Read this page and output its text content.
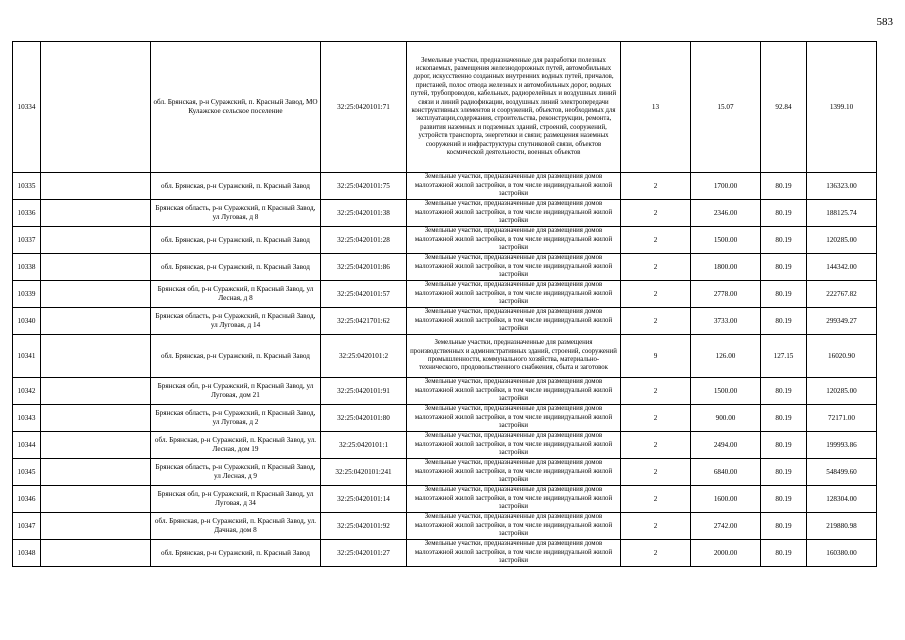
583
10334		обл. Брянская, р-н Суражский, п. Красный Завод, МО Кулажское сельское поселение	32:25:0420101:71	Земельные участки, предназначенные для разработки полезных ископаемых, размещения железнодорожных путей, автомобильных дорог, искусственно созданных внутренних водных путей, причалов, пристаней, полос отвода железных и автомобильных дорог, водных путей, трубопроводов, кабельных, радиорелейных и воздушных линий связи и линий радиофикации, воздушных линий электропередачи конструктивных элементов и сооружений, объектов, необходимых для эксплуатации,содержания, строительства, реконструкции, ремонта, развития наземных и подземных зданий, строений, сооружений, устройств транспорта, энергетики и связи; размещения наземных сооружений и инфраструктуры спутниковой связи, объектов космической деятельности, военных объектов	13	15.07	92.84	1399.10
10335		обл. Брянская, р-н Суражский, п. Красный Завод	32:25:0420101:75	Земельные участки, предназначенные для размещения домов малоэтажной жилой застройки, в том числе индивидуальной жилой застройки	2	1700.00	80.19	136323.00
10336		Брянская область, р-н Суражский, п Красный Завод, ул Луговая, д 8	32:25:0420101:38	Земельные участки, предназначенные для размещения домов малоэтажной жилой застройки, в том числе индивидуальной жилой застройки	2	2346.00	80.19	188125.74
10337		обл. Брянская, р-н Суражский, п. Красный Завод	32:25:0420101:28	Земельные участки, предназначенные для размещения домов малоэтажной жилой застройки, в том числе индивидуальной жилой застройки	2	1500.00	80.19	120285.00
10338		обл. Брянская, р-н Суражский, п. Красный Завод	32:25:0420101:86	Земельные участки, предназначенные для размещения домов малоэтажной жилой застройки, в том числе индивидуальной жилой застройки	2	1800.00	80.19	144342.00
10339		Брянская обл, р-н Суражский, п Красный Завод, ул Лесная, д 8	32:25:0420101:57	Земельные участки, предназначенные для размещения домов малоэтажной жилой застройки, в том числе индивидуальной жилой застройки	2	2778.00	80.19	222767.82
10340		Брянская область, р-н Суражский, п Красный Завод, ул Луговая, д 14	32:25:0421701:62	Земельные участки, предназначенные для размещения домов малоэтажной жилой застройки, в том числе индивидуальной жилой застройки	2	3733.00	80.19	299349.27
10341		обл. Брянская, р-н Суражский, п. Красный Завод	32:25:0420101:2	Земельные участки, предназначенные для размещения производственных и административных зданий, строений, сооружений промышленности, коммунального хозяйства, материально-технического, продовольственного снабжения, сбыта и заготовок	9	126.00	127.15	16020.90
10342		Брянская обл, р-н Суражский, п Красный Завод, ул Луговая, дом 21	32:25:0420101:91	Земельные участки, предназначенные для размещения домов малоэтажной жилой застройки, в том числе индивидуальной жилой застройки	2	1500.00	80.19	120285.00
10343		Брянская область, р-н Суражский, п Красный Завод, ул Луговая, д 2	32:25:0420101:80	Земельные участки, предназначенные для размещения домов малоэтажной жилой застройки, в том числе индивидуальной жилой застройки	2	900.00	80.19	72171.00
10344		обл. Брянская, р-н Суражский, п. Красный Завод, ул. Лесная, дом 19	32:25:0420101:1	Земельные участки, предназначенные для размещения домов малоэтажной жилой застройки, в том числе индивидуальной жилой застройки	2	2494.00	80.19	199993.86
10345		Брянская область, р-н Суражский, п Красный Завод, ул Лесная, д 9	32:25:0420101:241	Земельные участки, предназначенные для размещения домов малоэтажной жилой застройки, в том числе индивидуальной жилой застройки	2	6840.00	80.19	548499.60
10346		Брянская обл, р-н Суражский, п Красный Завод, ул Луговая, д 34	32:25:0420101:14	Земельные участки, предназначенные для размещения домов малоэтажной жилой застройки, в том числе индивидуальной жилой застройки	2	1600.00	80.19	128304.00
10347		обл. Брянская, р-н Суражский, п. Красный Завод, ул. Дачная, дом 8	32:25:0420101:92	Земельные участки, предназначенные для размещения домов малоэтажной жилой застройки, в том числе индивидуальной жилой застройки	2	2742.00	80.19	219880.98
10348		обл. Брянская, р-н Суражский, п. Красный Завод	32:25:0420101:27	Земельные участки, предназначенные для размещения домов малоэтажной жилой застройки, в том числе индивидуальной жилой застройки	2	2000.00	80.19	160380.00
